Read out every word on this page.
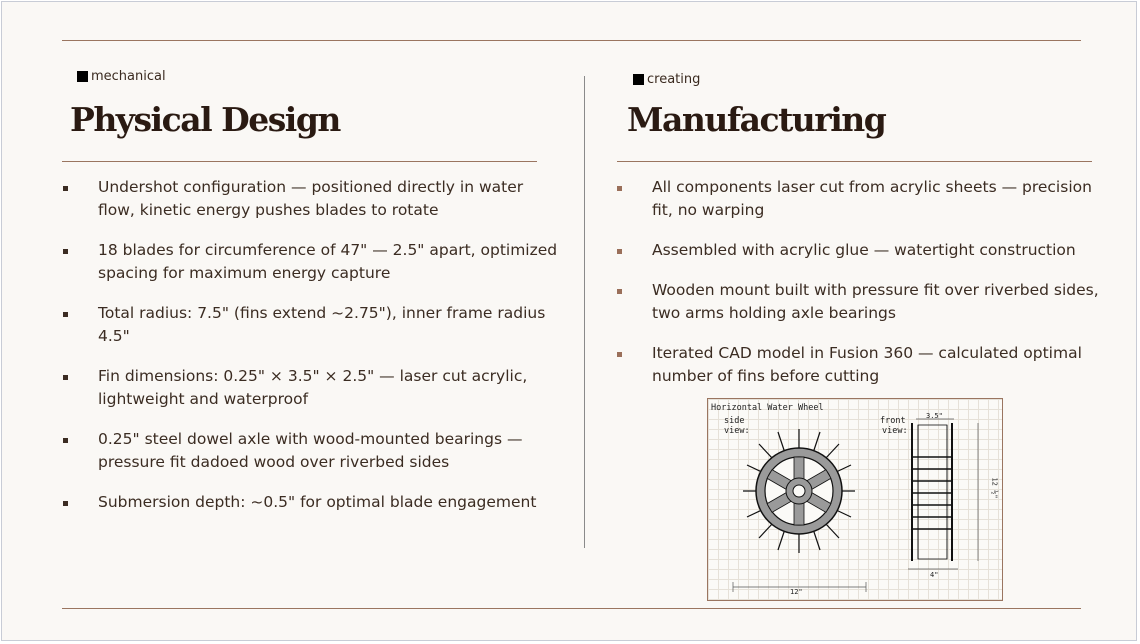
mechanical
Physical Design
Undershot configuration — positioned directly in water flow, kinetic energy pushes blades to rotate
18 blades for circumference of 47" — 2.5" apart, optimized spacing for maximum energy capture
Total radius: 7.5" (fins extend ~2.75"), inner frame radius 4.5"
Fin dimensions: 0.25" × 3.5" × 2.5" — laser cut acrylic, lightweight and waterproof
0.25" steel dowel axle with wood-mounted bearings — pressure fit dadoed wood over riverbed sides
Submersion depth: ~0.5" for optimal blade engagement
creating
Manufacturing
All components laser cut from acrylic sheets — precision fit, no warping
Assembled with acrylic glue — watertight construction
Wooden mount built with pressure fit over riverbed sides, two arms holding axle bearings
Iterated CAD model in Fusion 360 — calculated optimal number of fins before cutting
Horizontal Water Wheel
side
view:
front
view:
3.5"
12 ½"
4"
12"
